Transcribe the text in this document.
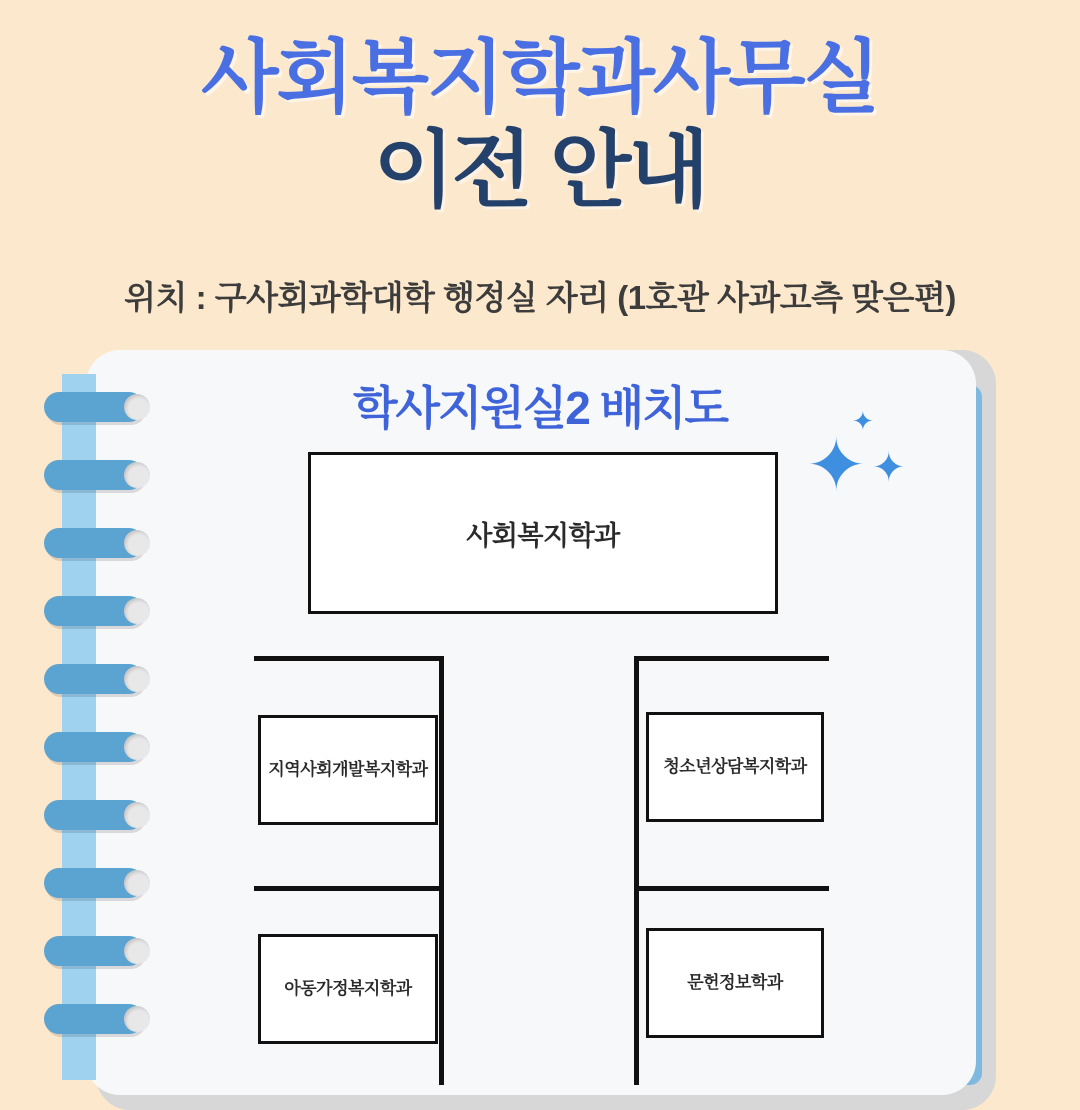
사회복지학과사무실
이전 안내
위치 : 구사회과학대학 행정실 자리 (1호관 사과고측 맞은편)
학사지원실2 배치도
✦ ✦
✦
사회복지학과
지역사회개발복지학과
아동가정복지학과
청소년상담복지학과
문헌정보학과
